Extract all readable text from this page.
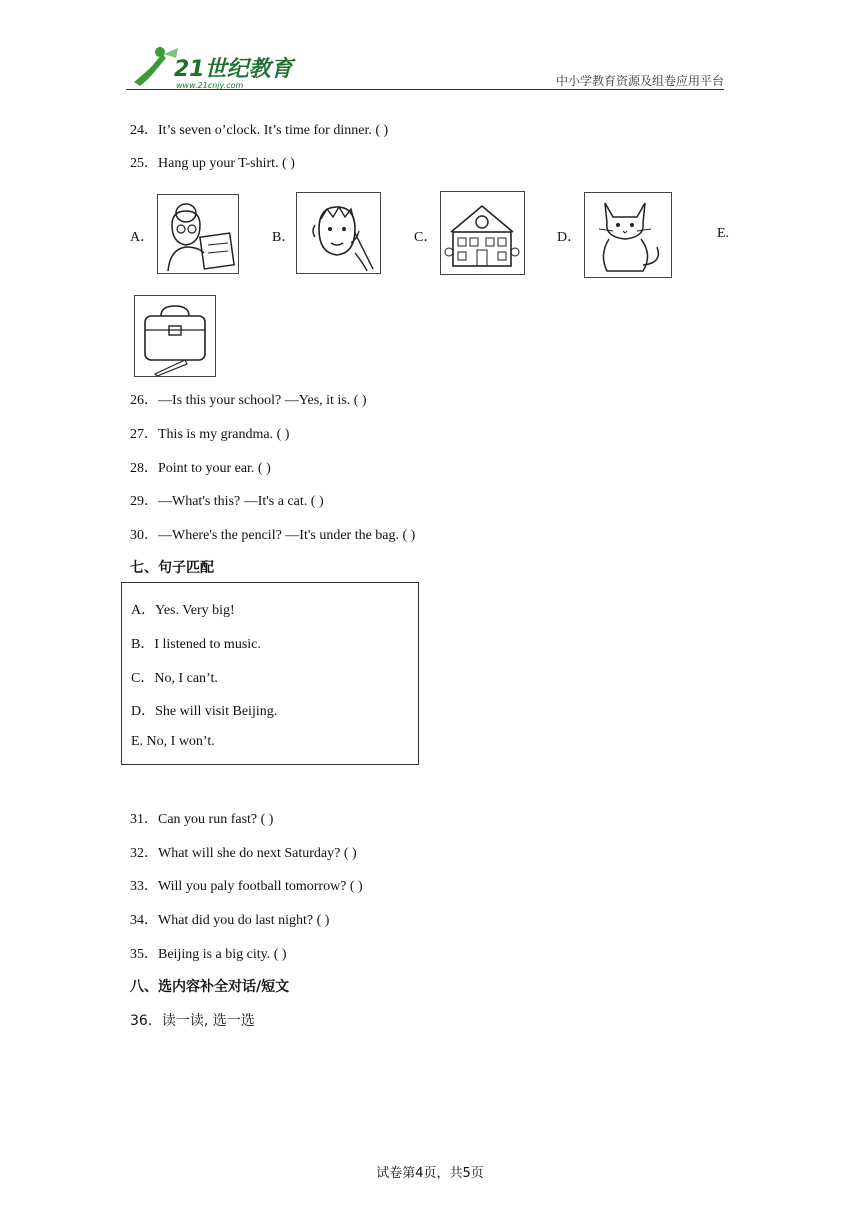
21世纪教育
www.21cnjy.com	中小学教育资源及组卷应用平台
24．It’s seven o’clock. It’s time for dinner. ( )
25．Hang up your T-shirt. ( )
A．	B．	C．	D．	E.
26．—Is this your school? —Yes, it is. ( )
27．This is my grandma. ( )
28．Point to your ear. ( )
29．—What's this? —It's a cat. ( )
30．—Where's the pencil? —It's under the bag. ( )
七、句子匹配
A．Yes. Very big!
B．I listened to music.
C．No, I can’t.
D．She will visit Beijing.
E. No, I won’t.
31．Can you run fast? ( )
32．What will she do next Saturday? ( )
33．Will you paly football tomorrow? ( )
34．What did you do last night? ( )
35．Beijing is a big city. ( )
八、选内容补全对话/短文
36．读一读, 选一选
试卷第4页，共5页
